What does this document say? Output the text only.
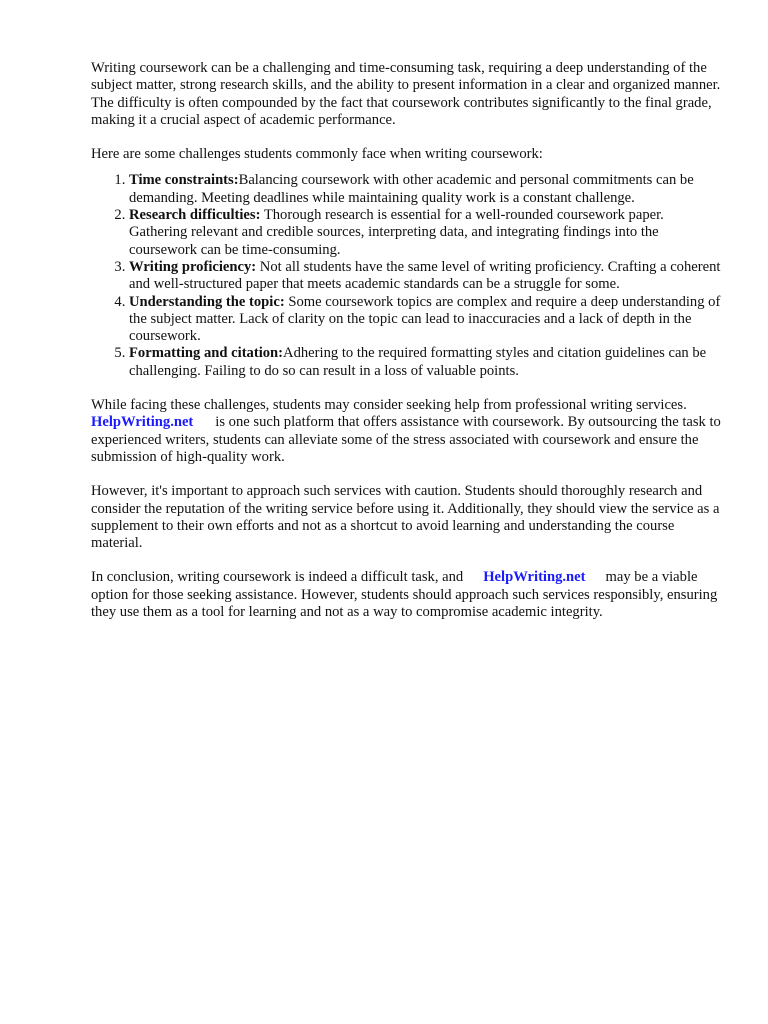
Writing coursework can be a challenging and time-consuming task, requiring a deep understanding of the subject matter, strong research skills, and the ability to present information in a clear and organized manner. The difficulty is often compounded by the fact that coursework contributes significantly to the final grade, making it a crucial aspect of academic performance.

Here are some challenges students commonly face when writing coursework:

1. Time constraints:Balancing coursework with other academic and personal commitments can be demanding. Meeting deadlines while maintaining quality work is a constant challenge.
2. Research difficulties: Thorough research is essential for a well-rounded coursework paper. Gathering relevant and credible sources, interpreting data, and integrating findings into the coursework can be time-consuming.
3. Writing proficiency: Not all students have the same level of writing proficiency. Crafting a coherent and well-structured paper that meets academic standards can be a struggle for some.
4. Understanding the topic: Some coursework topics are complex and require a deep understanding of the subject matter. Lack of clarity on the topic can lead to inaccuracies and a lack of depth in the coursework.
5. Formatting and citation:Adhering to the required formatting styles and citation guidelines can be challenging. Failing to do so can result in a loss of valuable points.

While facing these challenges, students may consider seeking help from professional writing services.HelpWriting.net is one such platform that offers assistance with coursework. By outsourcing the task to experienced writers, students can alleviate some of the stress associated with coursework and ensure the submission of high-quality work.

However, it's important to approach such services with caution. Students should thoroughly research and consider the reputation of the writing service before using it. Additionally, they should view the service as a supplement to their own efforts and not as a shortcut to avoid learning and understanding the course material.

In conclusion, writing coursework is indeed a difficult task, and HelpWriting.net may be a viable option for those seeking assistance. However, students should approach such services responsibly, ensuring they use them as a tool for learning and not as a way to compromise academic integrity.
